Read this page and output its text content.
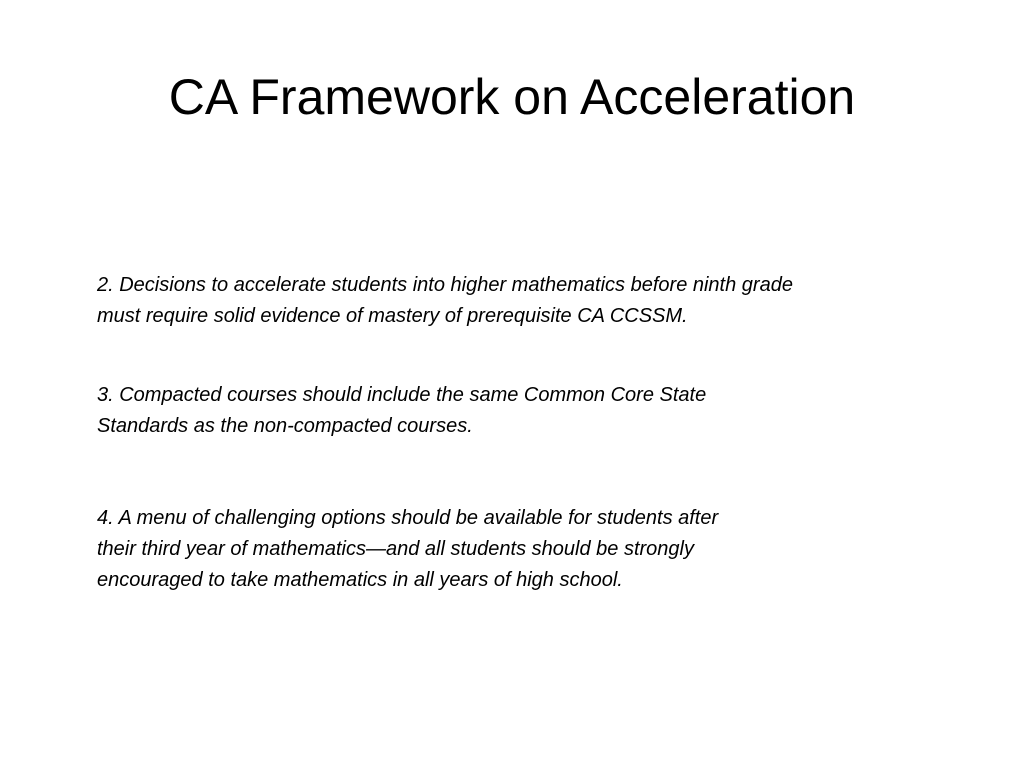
CA Framework on Acceleration

2. Decisions to accelerate students into higher mathematics before ninth grade
must require solid evidence of mastery of prerequisite CA CCSSM.

3. Compacted courses should include the same Common Core State
Standards as the non-compacted courses.

4. A menu of challenging options should be available for students after
their third year of mathematics—and all students should be strongly
encouraged to take mathematics in all years of high school.
